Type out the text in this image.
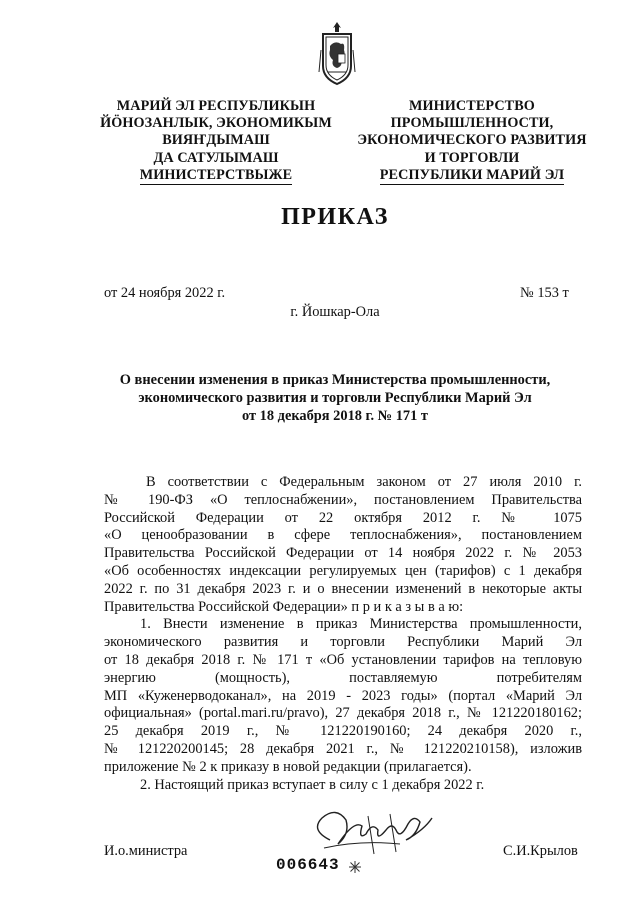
МАРИЙ ЭЛ РЕСПУБЛИКЫН
ЙÖНОЗАНЛЫК, ЭКОНОМИКЫМ
ВИЯҤДЫМАШ
ДА САТУЛЫМАШ
МИНИСТЕРСТВЫЖЕ
МИНИСТЕРСТВО
ПРОМЫШЛЕННОСТИ,
ЭКОНОМИЧЕСКОГО РАЗВИТИЯ
И ТОРГОВЛИ
РЕСПУБЛИКИ МАРИЙ ЭЛ
ПРИКАЗ
от 24 ноября 2022 г.	№ 153 т
г. Йошкар-Ола
О внесении изменения в приказ Министерства промышленности,
экономического развития и торговли Республики Марий Эл
от 18 декабря 2018 г. № 171 т
В соответствии с Федеральным законом от 27 июля 2010 г.
№ 190-ФЗ «О теплоснабжении», постановлением Правительства
Российской Федерации от 22 октября 2012 г. № 1075
«О ценообразовании в сфере теплоснабжения», постановлением
Правительства Российской Федерации от 14 ноября 2022 г. № 2053
«Об особенностях индексации регулируемых цен (тарифов) с 1 декабря
2022 г. по 31 декабря 2023 г. и о внесении изменений в некоторые акты
Правительства Российской Федерации» п р и к а з ы в а ю:
1. Внести изменение в приказ Министерства промышленности,
экономического развития и торговли Республики Марий Эл
от 18 декабря 2018 г. № 171 т «Об установлении тарифов на тепловую
энергию (мощность), поставляемую потребителям
МП «Куженерводоканал», на 2019 - 2023 годы» (портал «Марий Эл
официальная» (portal.mari.ru/pravo), 27 декабря 2018 г., № 121220180162;
25 декабря 2019 г., № 121220190160; 24 декабря 2020 г.,
№ 121220200145; 28 декабря 2021 г., № 121220210158), изложив
приложение № 2 к приказу в новой редакции (прилагается).
2. Настоящий приказ вступает в силу с 1 декабря 2022 г.
И.о.министра	С.И.Крылов
006643
